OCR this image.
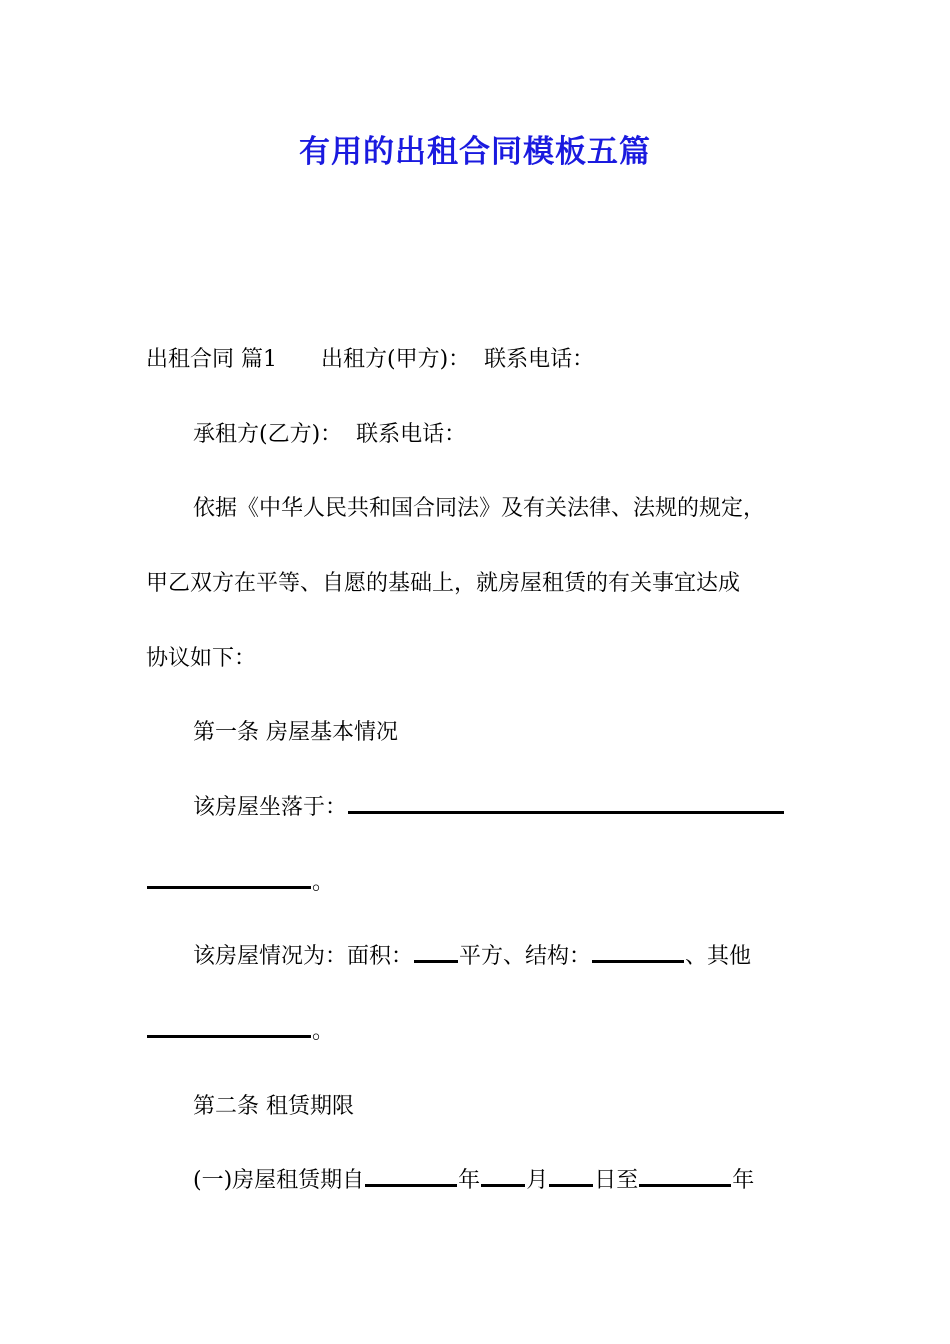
有用的出租合同模板五篇
出租合同 篇1 出租方(甲方)： 联系电话：
承租方(乙方)： 联系电话：
依据《中华人民共和国合同法》及有关法律、法规的规定，
甲乙双方在平等、自愿的基础上，就房屋租赁的有关事宜达成
协议如下：
第一条 房屋基本情况
该房屋坐落于：
。
该房屋情况为：面积： 平方、结构：	、其他
。
第二条 租赁期限
(一)房屋租赁期自	年 月 日至	年
